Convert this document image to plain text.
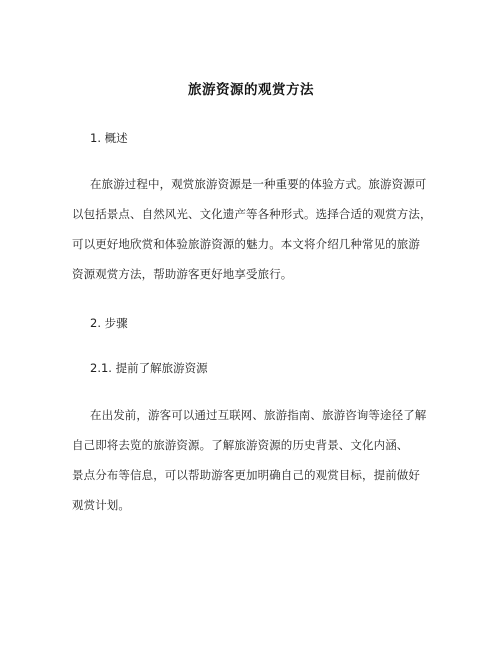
旅游资源的观赏方法
1. 概述
在旅游过程中，观赏旅游资源是一种重要的体验方式。旅游资源可
以包括景点、自然风光、文化遗产等各种形式。选择合适的观赏方法，
可以更好地欣赏和体验旅游资源的魅力。本文将介绍几种常见的旅游
资源观赏方法，帮助游客更好地享受旅行。
2. 步骤
2.1. 提前了解旅游资源
在出发前，游客可以通过互联网、旅游指南、旅游咨询等途径了解
自己即将去览的旅游资源。了解旅游资源的历史背景、文化内涵、
景点分布等信息，可以帮助游客更加明确自己的观赏目标，提前做好
观赏计划。
